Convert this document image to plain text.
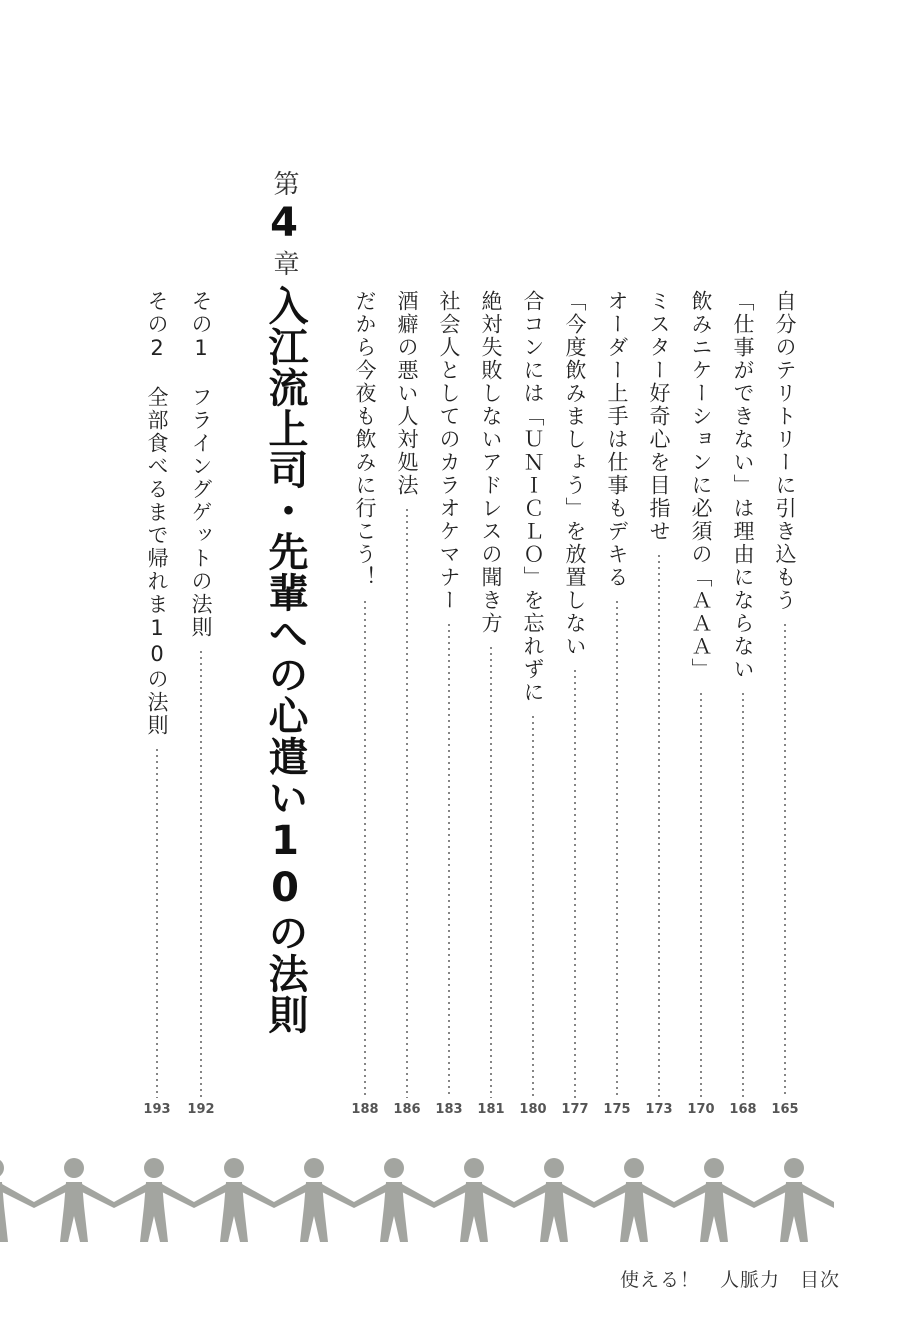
第4章
入江流上司・先輩への心遣い10の法則	自分のテリトリーに引き込もう
165
「仕事ができない」は理由にならない
168
飲みニケーションに必須の「ＡＡＡ」
170
ミスター好奇心を目指せ
173
オーダー上手は仕事もデキる
175
「今度飲みましょう」を放置しない
177
合コンには「ＵＮＩＣＬＯ」を忘れずに
180
絶対失敗しないアドレスの聞き方
181
社会人としてのカラオケマナー
183
酒癖の悪い人対処法
186
だから今夜も飲みに行こう！
188
その1
フライングゲットの法則
192
その2
全部食べるまで帰れま10の法則
193
使える！　人脈力　目次
